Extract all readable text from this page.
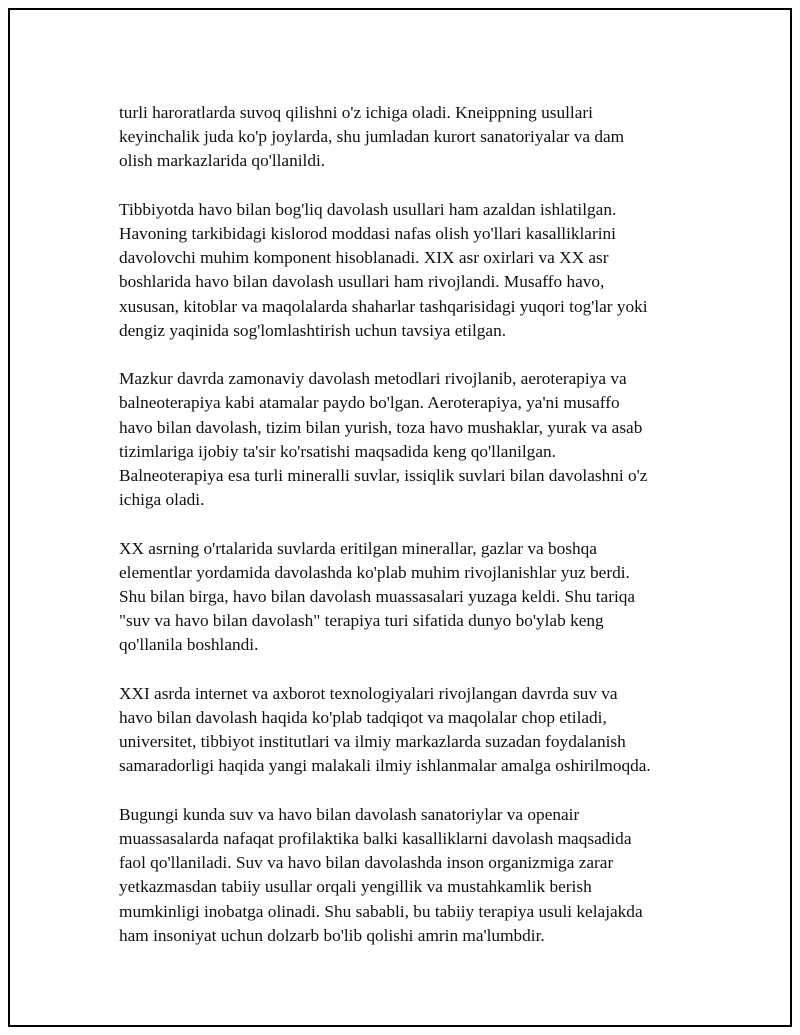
turli haroratlarda suvoq qilishni o'z ichiga oladi. Kneippning usullari
keyinchalik juda ko'p joylarda, shu jumladan kurort sanatoriyalar va dam
olish markazlarida qo'llanildi.

Tibbiyotda havo bilan bog'liq davolash usullari ham azaldan ishlatilgan.
Havoning tarkibidagi kislorod moddasi nafas olish yo'llari kasalliklarini
davolovchi muhim komponent hisoblanadi. XIX asr oxirlari va XX asr
boshlarida havo bilan davolash usullari ham rivojlandi. Musaffo havo,
xususan, kitoblar va maqolalarda shaharlar tashqarisidagi yuqori tog'lar yoki
dengiz yaqinida sog'lomlashtirish uchun tavsiya etilgan.

Mazkur davrda zamonaviy davolash metodlari rivojlanib, aeroterapiya va
balneoterapiya kabi atamalar paydo bo'lgan. Aeroterapiya, ya'ni musaffo
havo bilan davolash, tizim bilan yurish, toza havo mushaklar, yurak va asab
tizimlariga ijobiy ta'sir ko'rsatishi maqsadida keng qo'llanilgan.
Balneoterapiya esa turli mineralli suvlar, issiqlik suvlari bilan davolashni o'z
ichiga oladi.

XX asrning o'rtalarida suvlarda eritilgan minerallar, gazlar va boshqa
elementlar yordamida davolashda ko'plab muhim rivojlanishlar yuz berdi.
Shu bilan birga, havo bilan davolash muassasalari yuzaga keldi. Shu tariqa
"suv va havo bilan davolash" terapiya turi sifatida dunyo bo'ylab keng
qo'llanila boshlandi.

XXI asrda internet va axborot texnologiyalari rivojlangan davrda suv va
havo bilan davolash haqida ko'plab tadqiqot va maqolalar chop etiladi,
universitet, tibbiyot institutlari va ilmiy markazlarda suzadan foydalanish
samaradorligi haqida yangi malakali ilmiy ishlanmalar amalga oshirilmoqda.

Bugungi kunda suv va havo bilan davolash sanatoriylar va openair
muassasalarda nafaqat profilaktika balki kasalliklarni davolash maqsadida
faol qo'llaniladi. Suv va havo bilan davolashda inson organizmiga zarar
yetkazmasdan tabiiy usullar orqali yengillik va mustahkamlik berish
mumkinligi inobatga olinadi. Shu sababli, bu tabiiy terapiya usuli kelajakda
ham insoniyat uchun dolzarb bo'lib qolishi amrin ma'lumbdir.
